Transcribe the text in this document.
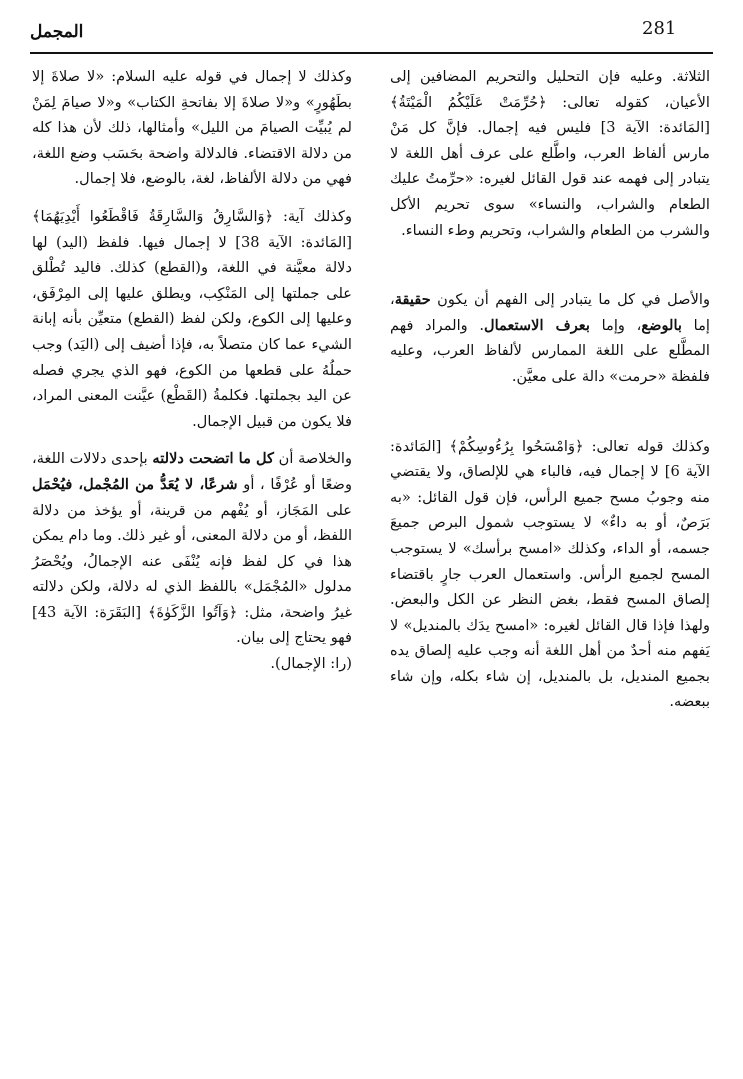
281
المجمل

الثلاثة. وعليه فإن التحليل والتحريم المضافين إلى الأعيان، كقوله تعالى: ﴿حُرِّمَتْ عَلَيْكُمُ الْمَيْتَةُ﴾ [المَائدة: الآية 3] فليس فيه إجمال. فإنَّ كل مَنْ مارس ألفاظ العرب، واطَّلع على عرف أهل اللغة لا يتبادر إلى فهمه عند قول القائل لغيره: «حرِّمتُ عليك الطعام والشراب، والنساء» سوى تحريم الأكل والشرب من الطعام والشراب، وتحريم وطء النساء.

والأصل في كل ما يتبادر إلى الفهم أن يكون حقيقة، إما بالوضع، وإما بعرف الاستعمال. والمراد فهم المطَّلع على اللغة الممارس لألفاظ العرب، وعليه فلفظة «حرمت» دالة على معيَّن.

وكذلك قوله تعالى: ﴿وَامْسَحُوا بِرُءُوسِكُمْ﴾ [المَائدة: الآية 6] لا إجمال فيه، فالباء هي للإلصاق، ولا يقتضي منه وجوبُ مسح جميع الرأس، فإن قول القائل: «به بَرَصٌ، أو به داءٌ» لا يستوجب شمول البرص جميعَ جسمه، أو الداء، وكذلك «امسح برأسك» لا يستوجب المسح لجميع الرأس. واستعمال العرب جارٍ باقتضاء إلصاق المسح فقط، بغض النظر عن الكل والبعض. ولهذا فإذا قال القائل لغيره: «امسح يدَك بالمنديل» لا يَفهم منه أحدٌ من أهل اللغة أنه وجب عليه إلصاق يده بجميع المنديل، بل بالمنديل، إن شاء بكله، وإن شاء ببعضه.

وكذلك لا إجمال في قوله عليه السلام: «لا صلاةَ إلا بطَهُورٍ» و«لا صلاةَ إلا بفاتحةِ الكتاب» و«لا صيامَ لِمَنْ لم يُبيِّت الصيامَ من الليل» وأمثالها، ذلك لأن هذا كله من دلالة الاقتضاء. فالدلالة واضحة بحَسَب وضع اللغة، فهي من دلالة الألفاظ، لغة، بالوضع، فلا إجمال.

وكذلك آية: ﴿وَالسَّارِقُ وَالسَّارِقَةُ فَاقْطَعُوا أَيْدِيَهُمَا﴾ [المَائدة: الآية 38] لا إجمال فيها. فلفظ (اليد) لها دلالة معيَّنة في اللغة، و(القطع) كذلك. فاليد تُطْلق على جملتها إلى المَنْكِب، ويطلق عليها إلى المِرْفَق، وعليها إلى الكوع، ولكن لفظ (القطع) متعيِّن بأنه إبانة الشيء عما كان متصلاً به، فإذا أضيف إلى (اليَد) وجب حملُهُ على قطعها من الكوع، فهو الذي يجري فصله عن اليد بجملتها. فكلمةُ (القَطْع) عيَّنت المعنى المراد، فلا يكون من قبيل الإجمال.

والخلاصة أن كل ما اتضحت دلالته بإحدى دلالات اللغة، وضعًا أو عُرْفًا ، أو شرعًا، لا يُعَدُّ من المُجْمل، فيُحْمَل على المَجَاز، أو يُفْهم من قرينة، أو يؤخذ من دلالة اللفظ، أو من دلالة المعنى، أو غير ذلك. وما دام يمكن هذا في كل لفظ فإنه يُنْفَى عنه الإجمالُ، ويُحْصَرُ مدلول «المُجْمَل» باللفظ الذي له دلالة، ولكن دلالته غيرُ واضحة، مثل: ﴿وَآتُوا الزَّكَوٰةَ﴾ [البَقَرَة: الآية 43] فهو يحتاج إلى بيان.

(را: الإجمال).
